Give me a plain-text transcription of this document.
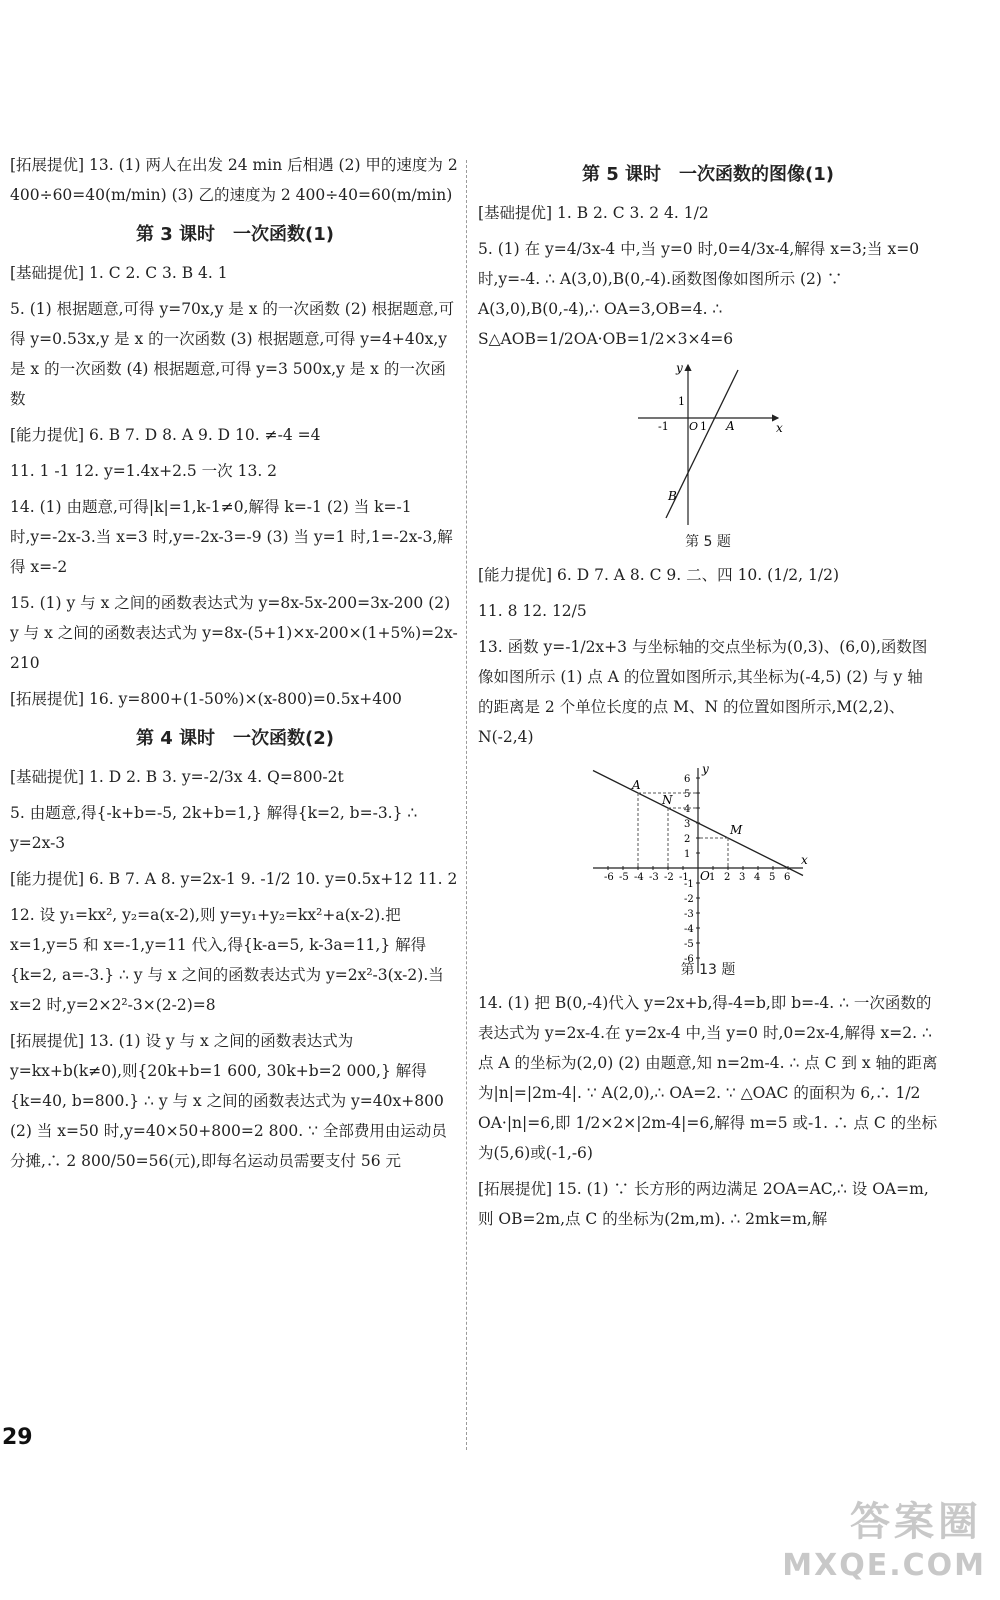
[拓展提优] 13. (1) 两人在出发 24 min 后相遇 (2) 甲的速度为 2 400÷60=40(m/min) (3) 乙的速度为 2 400÷40=60(m/min)

第 3 课时　一次函数(1)

[基础提优] 1. C 2. C 3. B 4. 1

5. (1) 根据题意,可得 y=70x,y 是 x 的一次函数 (2) 根据题意,可得 y=0.53x,y 是 x 的一次函数 (3) 根据题意,可得 y=4+40x,y 是 x 的一次函数 (4) 根据题意,可得 y=3 500x,y 是 x 的一次函数

[能力提优] 6. B 7. D 8. A 9. D 10. ≠-4 =4

11. 1 -1 12. y=1.4x+2.5 一次 13. 2

14. (1) 由题意,可得|k|=1,k-1≠0,解得 k=-1 (2) 当 k=-1 时,y=-2x-3.当 x=3 时,y=-2x-3=-9 (3) 当 y=1 时,1=-2x-3,解得 x=-2

15. (1) y 与 x 之间的函数表达式为 y=8x-5x-200=3x-200 (2) y 与 x 之间的函数表达式为 y=8x-(5+1)×x-200×(1+5%)=2x-210

[拓展提优] 16. y=800+(1-50%)×(x-800)=0.5x+400

第 4 课时　一次函数(2)

[基础提优] 1. D 2. B 3. y=-2/3x 4. Q=800-2t

5. 由题意,得{-k+b=-5, 2k+b=1,} 解得{k=2, b=-3.} ∴ y=2x-3

[能力提优] 6. B 7. A 8. y=2x-1 9. -1/2 10. y=0.5x+12 11. 2

12. 设 y₁=kx², y₂=a(x-2),则 y=y₁+y₂=kx²+a(x-2).把 x=1,y=5 和 x=-1,y=11 代入,得{k-a=5, k-3a=11,} 解得{k=2, a=-3.} ∴ y 与 x 之间的函数表达式为 y=2x²-3(x-2).当 x=2 时,y=2×2²-3×(2-2)=8

[拓展提优] 13. (1) 设 y 与 x 之间的函数表达式为 y=kx+b(k≠0),则{20k+b=1 600, 30k+b=2 000,} 解得{k=40, b=800.} ∴ y 与 x 之间的函数表达式为 y=40x+800 (2) 当 x=50 时,y=40×50+800=2 800. ∵ 全部费用由运动员分摊,∴ 2 800/50=56(元),即每名运动员需要支付 56 元

第 5 课时　一次函数的图像(1)

[基础提优] 1. B 2. C 3. 2 4. 1/2

5. (1) 在 y=4/3x-4 中,当 y=0 时,0=4/3x-4,解得 x=3;当 x=0 时,y=-4. ∴ A(3,0),B(0,-4).函数图像如图所示 (2) ∵ A(3,0),B(0,-4),∴ OA=3,OB=4. ∴ S△AOB=1/2OA·OB=1/2×3×4=6

y
x
1
-1 O 1 A
B

第 5 题

[能力提优] 6. D 7. A 8. C 9. 二、四 10. (1/2, 1/2)

11. 8 12. 12/5

13. 函数 y=-1/2x+3 与坐标轴的交点坐标为(0,3)、(6,0),函数图像如图所示 (1) 点 A 的位置如图所示,其坐标为(-4,5) (2) 与 y 轴的距离是 2 个单位长度的点 M、N 的位置如图所示,M(2,2)、N(-2,4)

-6 -5 -4 -3 -2 -1 1 2 3 4 5 6
6
5
4
3
2
1
-1
-2
-3
-4
-5
-6
A
N
M
O
x
y

第 13 题

14. (1) 把 B(0,-4)代入 y=2x+b,得-4=b,即 b=-4. ∴ 一次函数的表达式为 y=2x-4.在 y=2x-4 中,当 y=0 时,0=2x-4,解得 x=2. ∴ 点 A 的坐标为(2,0) (2) 由题意,知 n=2m-4. ∴ 点 C 到 x 轴的距离为|n|=|2m-4|. ∵ A(2,0),∴ OA=2. ∵ △OAC 的面积为 6,∴ 1/2 OA·|n|=6,即 1/2×2×|2m-4|=6,解得 m=5 或-1. ∴ 点 C 的坐标为(5,6)或(-1,-6)

[拓展提优] 15. (1) ∵ 长方形的两边满足 2OA=AC,∴ 设 OA=m,则 OB=2m,点 C 的坐标为(2m,m). ∴ 2mk=m,解

29
答案圈
MXQE.COM
